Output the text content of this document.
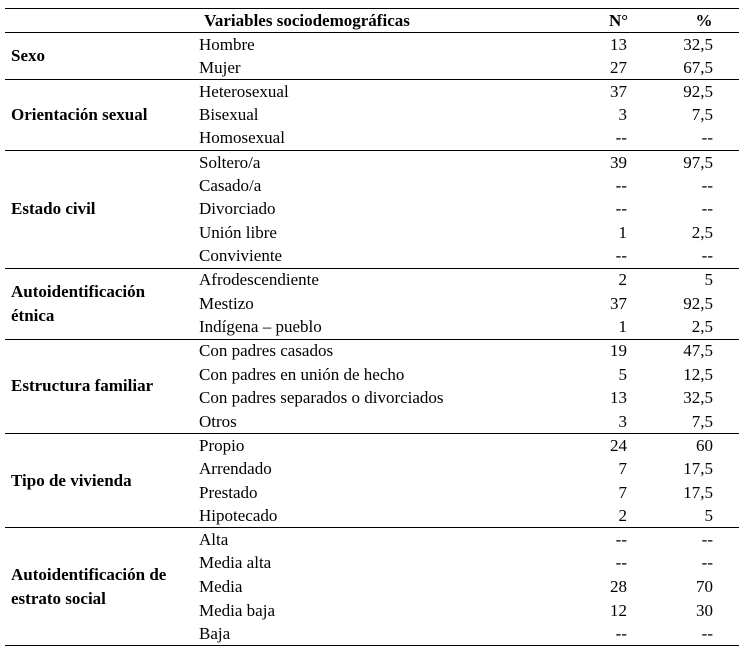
Variables sociodemográficas		N°	%
Sexo	Hombre	13	32,5
	Mujer	27	67,5
Orientación sexual	Heterosexual	37	92,5
	Bisexual	3	7,5
	Homosexual	--	--
Estado civil	Soltero/a	39	97,5
	Casado/a	--	--
	Divorciado	--	--
	Unión libre	1	2,5
	Conviviente	--	--
Autoidentificación étnica	Afrodescendiente	2	5
	Mestizo	37	92,5
	Indígena – pueblo	1	2,5
Estructura familiar	Con padres casados	19	47,5
	Con padres en unión de hecho	5	12,5
	Con padres separados o divorciados	13	32,5
	Otros	3	7,5
Tipo de vivienda	Propio	24	60
	Arrendado	7	17,5
	Prestado	7	17,5
	Hipotecado	2	5
Autoidentificación de estrato social	Alta	--	--
	Media alta	--	--
	Media	28	70
	Media baja	12	30
	Baja	--	--
